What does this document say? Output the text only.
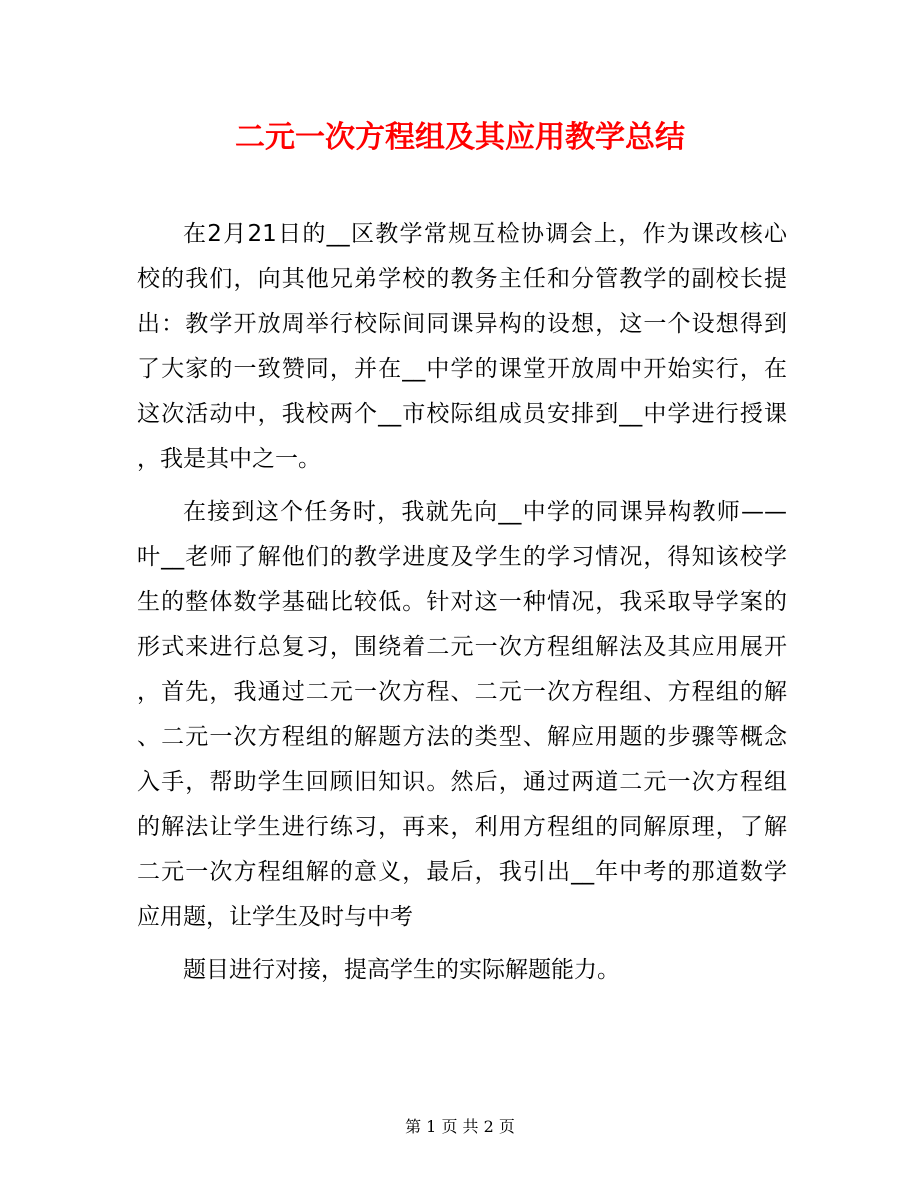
二元一次方程组及其应用教学总结
在2月21日的__区教学常规互检协调会上，作为课改核心
校的我们，向其他兄弟学校的教务主任和分管教学的副校长提
出：教学开放周举行校际间同课异构的设想，这一个设想得到
了大家的一致赞同，并在__中学的课堂开放周中开始实行，在
这次活动中，我校两个__市校际组成员安排到__中学进行授课
，我是其中之一。
在接到这个任务时，我就先向__中学的同课异构教师——
叶__老师了解他们的教学进度及学生的学习情况，得知该校学
生的整体数学基础比较低。针对这一种情况，我采取导学案的
形式来进行总复习，围绕着二元一次方程组解法及其应用展开
，首先，我通过二元一次方程、二元一次方程组、方程组的解
、二元一次方程组的解题方法的类型、解应用题的步骤等概念
入手，帮助学生回顾旧知识。然后，通过两道二元一次方程组
的解法让学生进行练习，再来，利用方程组的同解原理，了解
二元一次方程组解的意义，最后，我引出__年中考的那道数学
应用题，让学生及时与中考
题目进行对接，提高学生的实际解题能力。
第 1 页 共 2 页
